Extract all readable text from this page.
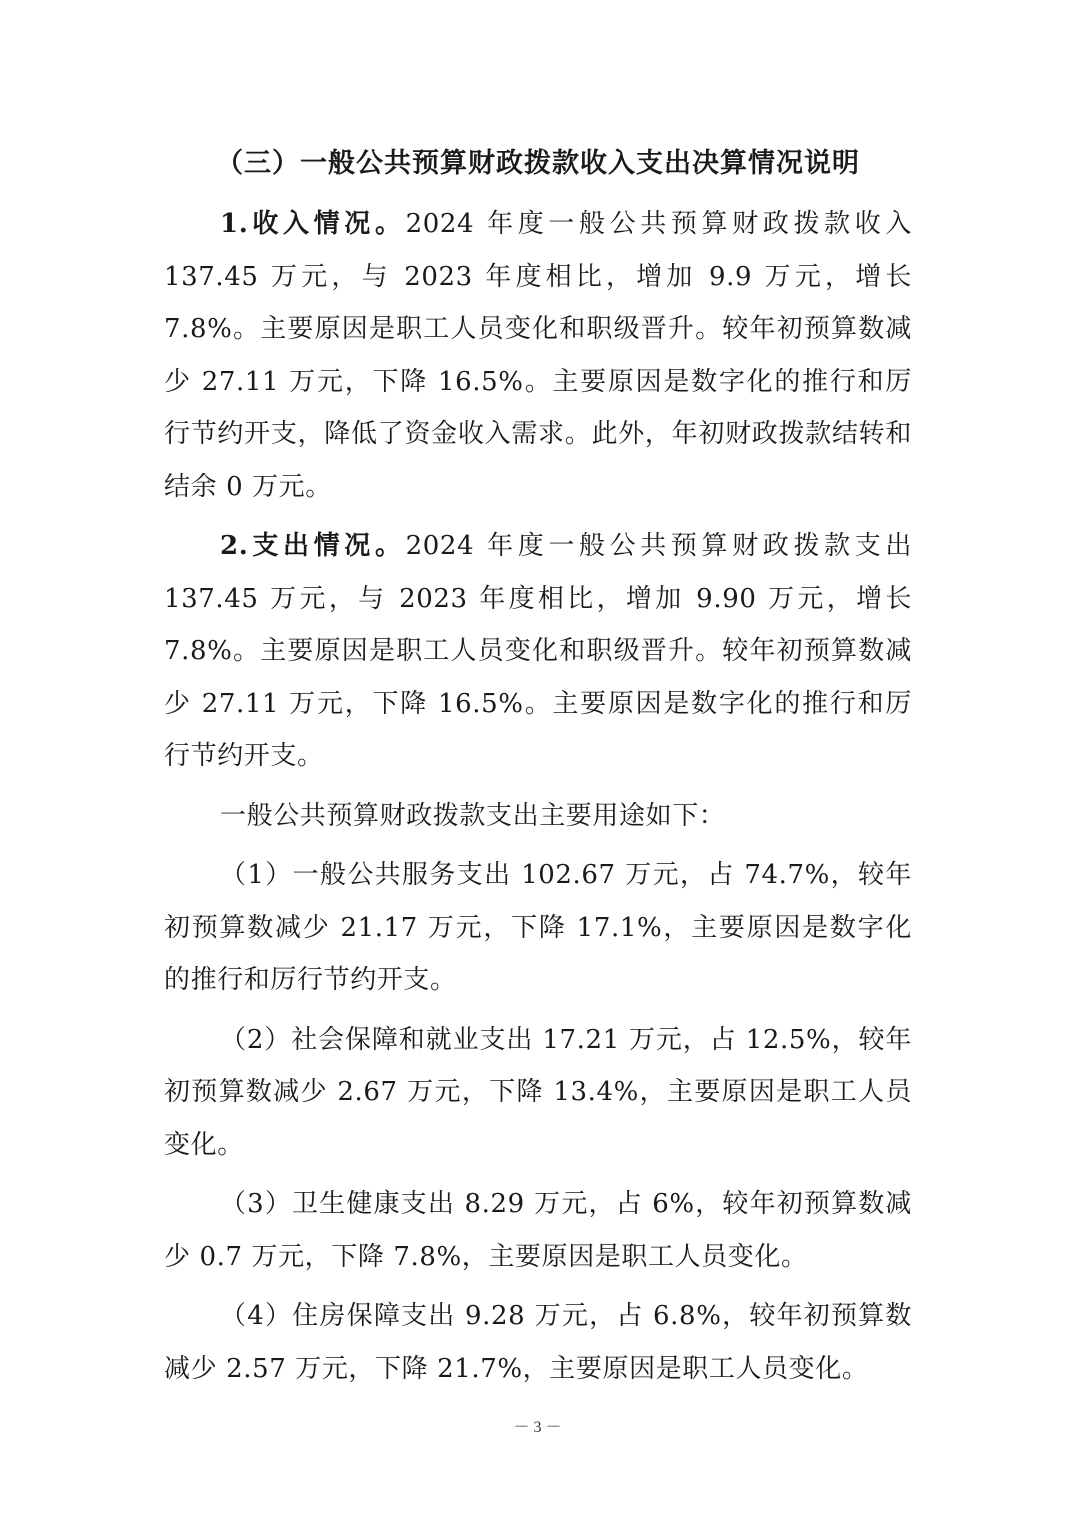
（三）一般公共预算财政拨款收入支出决算情况说明

1.收入情况。2024 年度一般公共预算财政拨款收入 137.45 万元，与 2023 年度相比，增加 9.9 万元，增长 7.8%。主要原因是职工人员变化和职级晋升。较年初预算数减少 27.11 万元，下降 16.5%。主要原因是数字化的推行和厉行节约开支，降低了资金收入需求。此外，年初财政拨款结转和结余 0 万元。

2.支出情况。2024 年度一般公共预算财政拨款支出 137.45 万元，与 2023 年度相比，增加 9.90 万元，增长 7.8%。主要原因是职工人员变化和职级晋升。较年初预算数减少 27.11 万元，下降 16.5%。主要原因是数字化的推行和厉行节约开支。

一般公共预算财政拨款支出主要用途如下：

（1）一般公共服务支出 102.67 万元，占 74.7%，较年初预算数减少 21.17 万元，下降 17.1%，主要原因是数字化的推行和厉行节约开支。

（2）社会保障和就业支出 17.21 万元，占 12.5%，较年初预算数减少 2.67 万元，下降 13.4%，主要原因是职工人员变化。

（3）卫生健康支出 8.29 万元，占 6%，较年初预算数减少 0.7 万元，下降 7.8%，主要原因是职工人员变化。

（4）住房保障支出 9.28 万元，占 6.8%，较年初预算数减少 2.57 万元，下降 21.7%，主要原因是职工人员变化。

－ 3 －
